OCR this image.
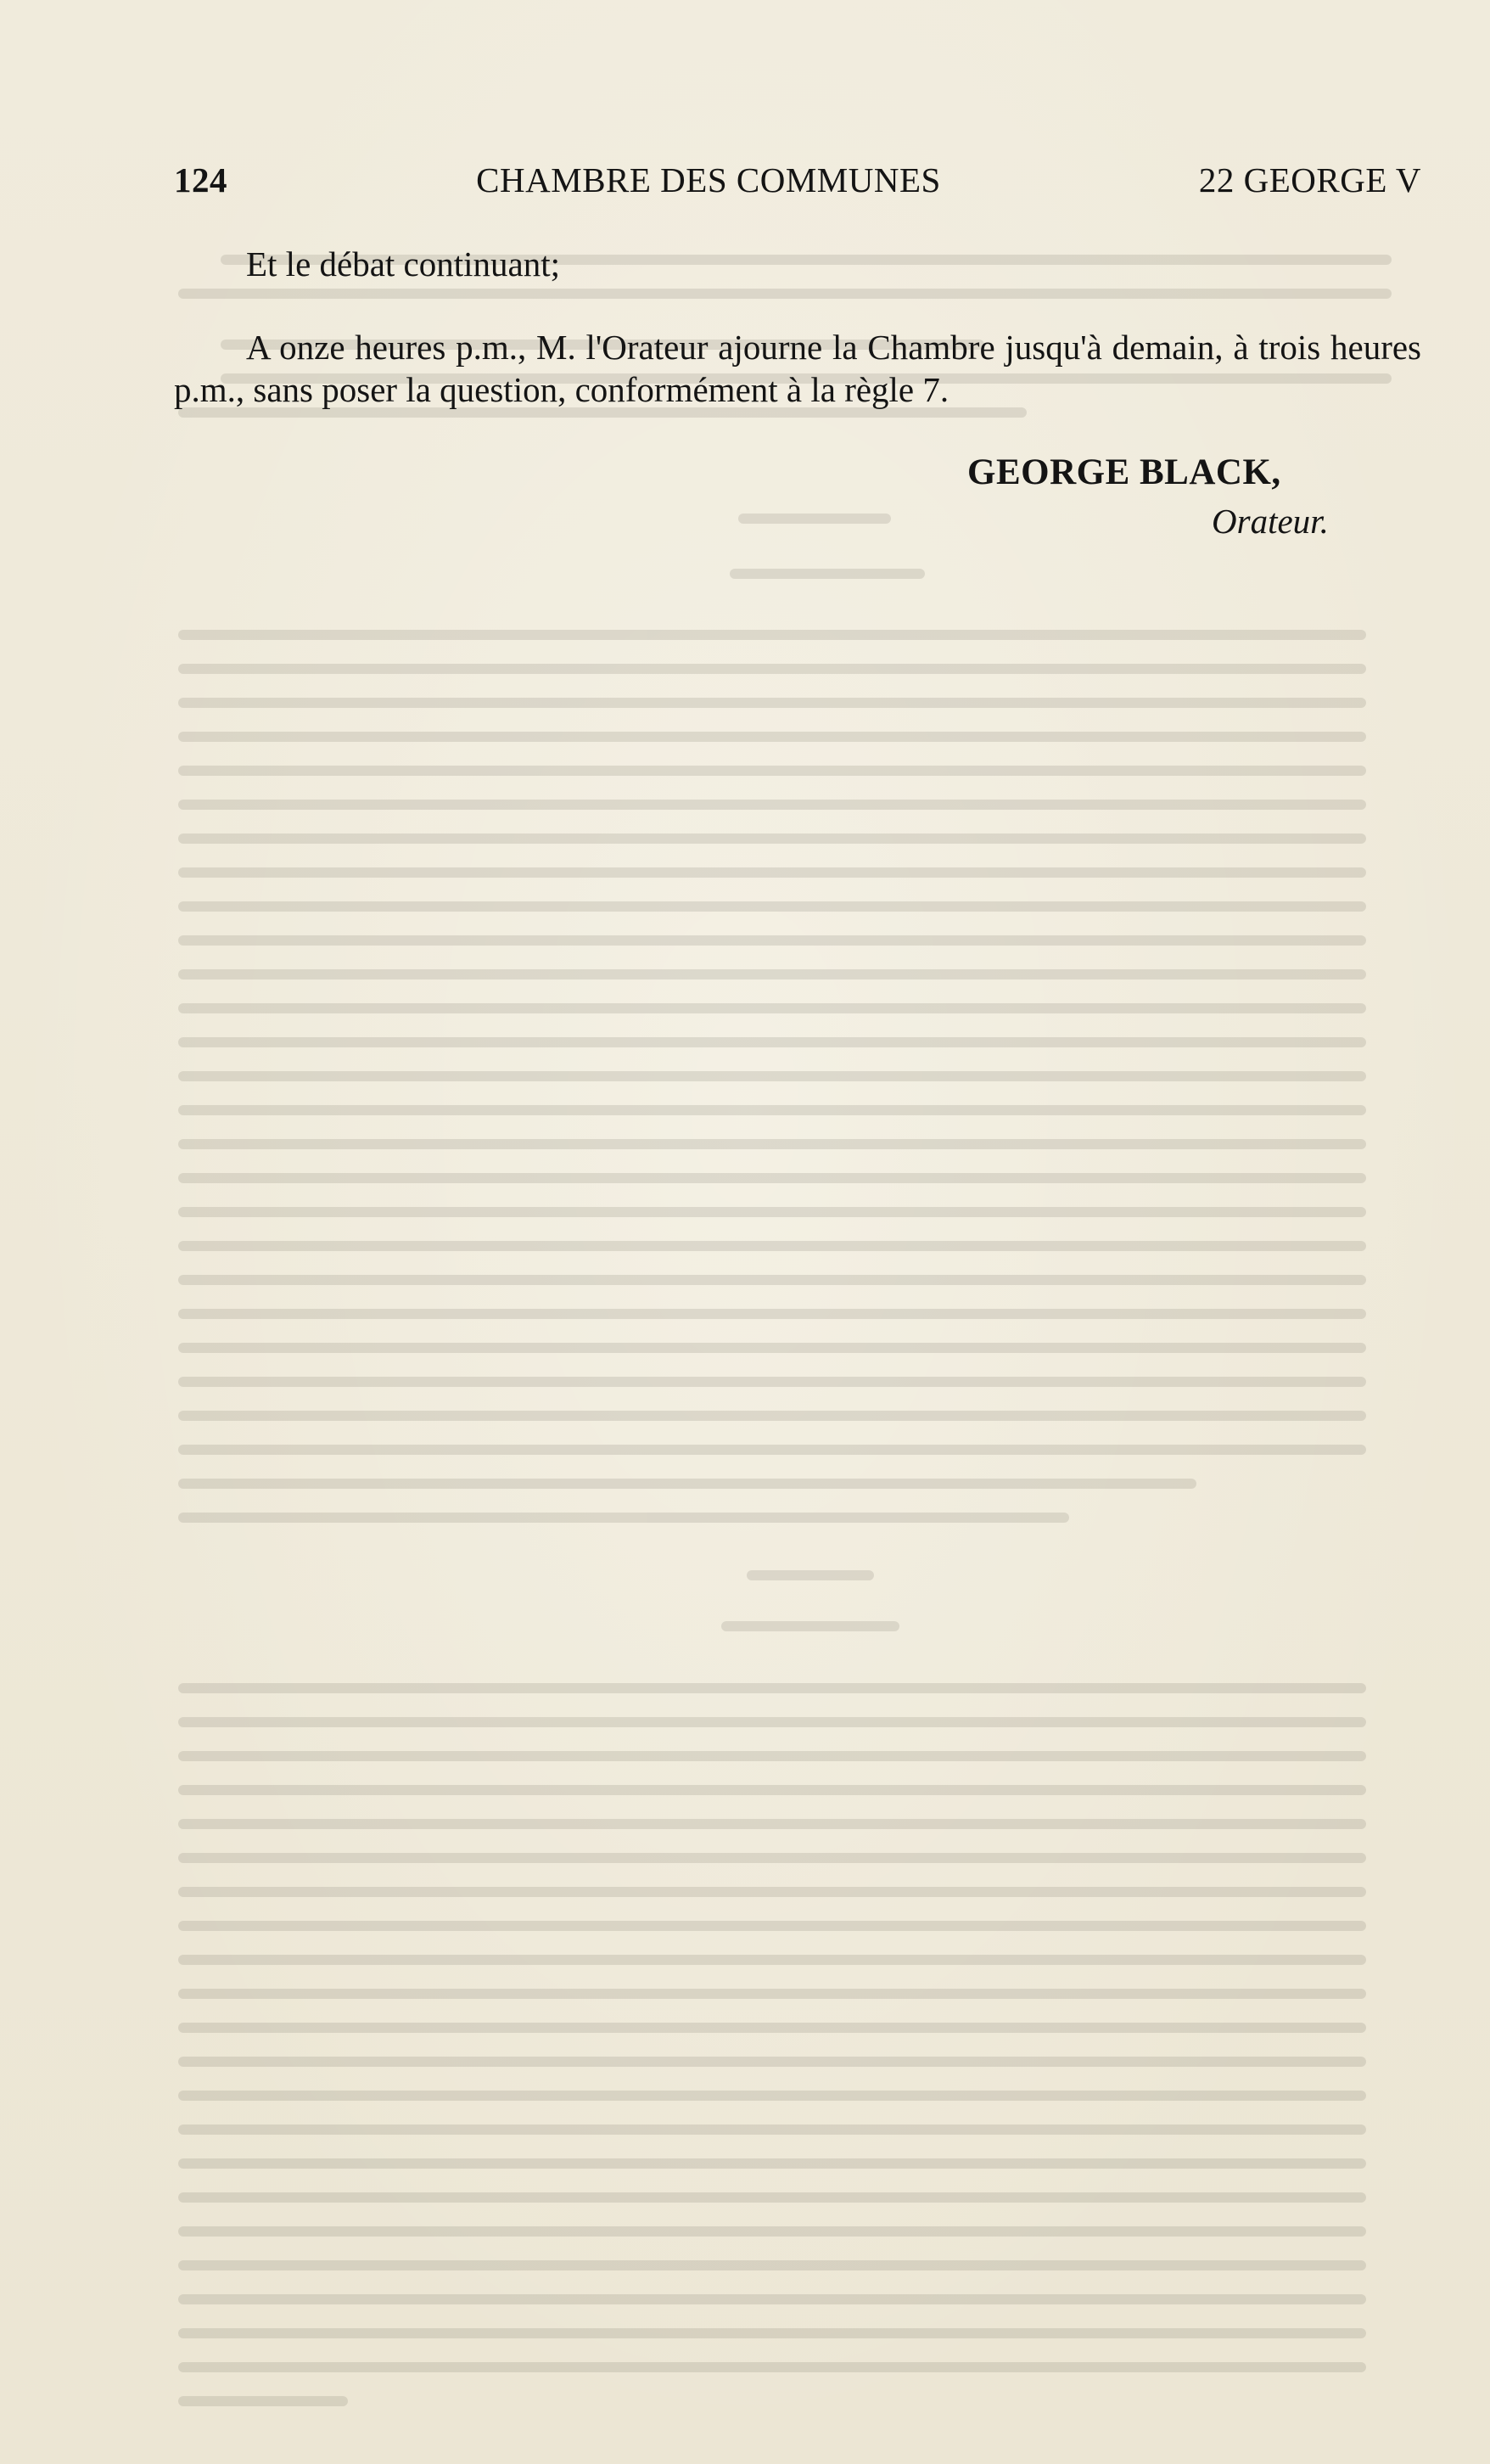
124	CHAMBRE DES COMMUNES	22 GEORGE V
Et le débat continuant;
A onze heures p.m., M. l'Orateur ajourne la Chambre jusqu'à demain, à trois heures p.m., sans poser la question, conformément à la règle 7.
GEORGE BLACK,
Orateur.
